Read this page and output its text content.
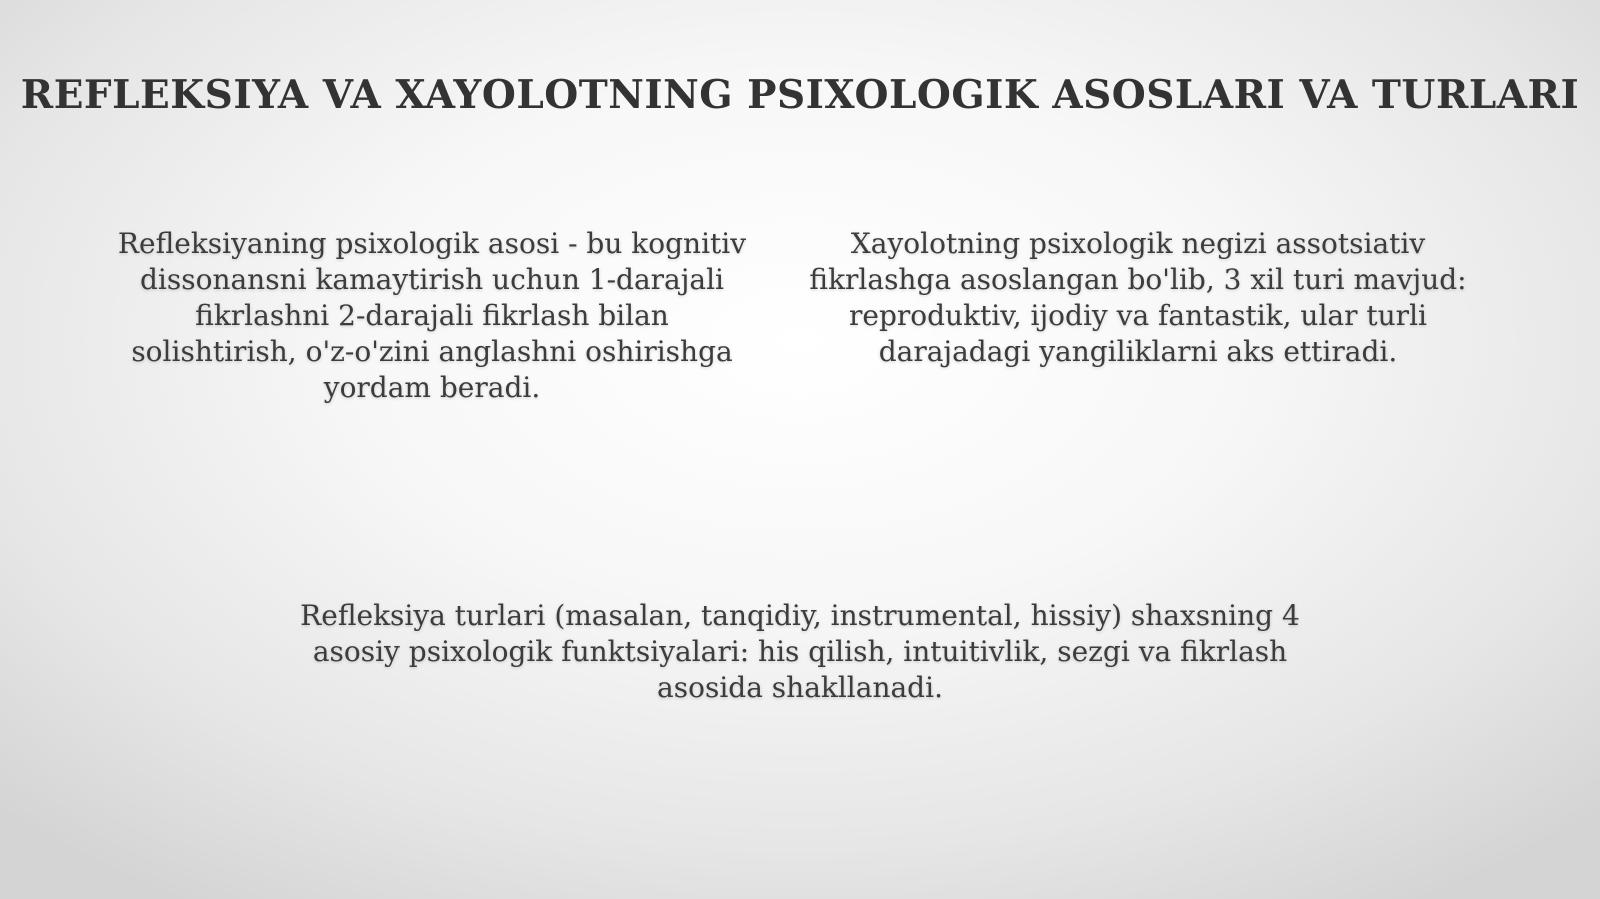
REFLEKSIYA VA XAYOLOTNING PSIXOLOGIK ASOSLARI VA TURLARI

Refleksiyaning psixologik asosi - bu kognitiv dissonansni kamaytirish uchun 1-darajali fikrlashni 2-darajali fikrlash bilan solishtirish, o'z-o'zini anglashni oshirishga yordam beradi.

Xayolotning psixologik negizi assotsiativ fikrlashga asoslangan bo'lib, 3 xil turi mavjud: reproduktiv, ijodiy va fantastik, ular turli darajadagi yangiliklarni aks ettiradi.

Refleksiya turlari (masalan, tanqidiy, instrumental, hissiy) shaxsning 4 asosiy psixologik funktsiyalari: his qilish, intuitivlik, sezgi va fikrlash asosida shakllanadi.
